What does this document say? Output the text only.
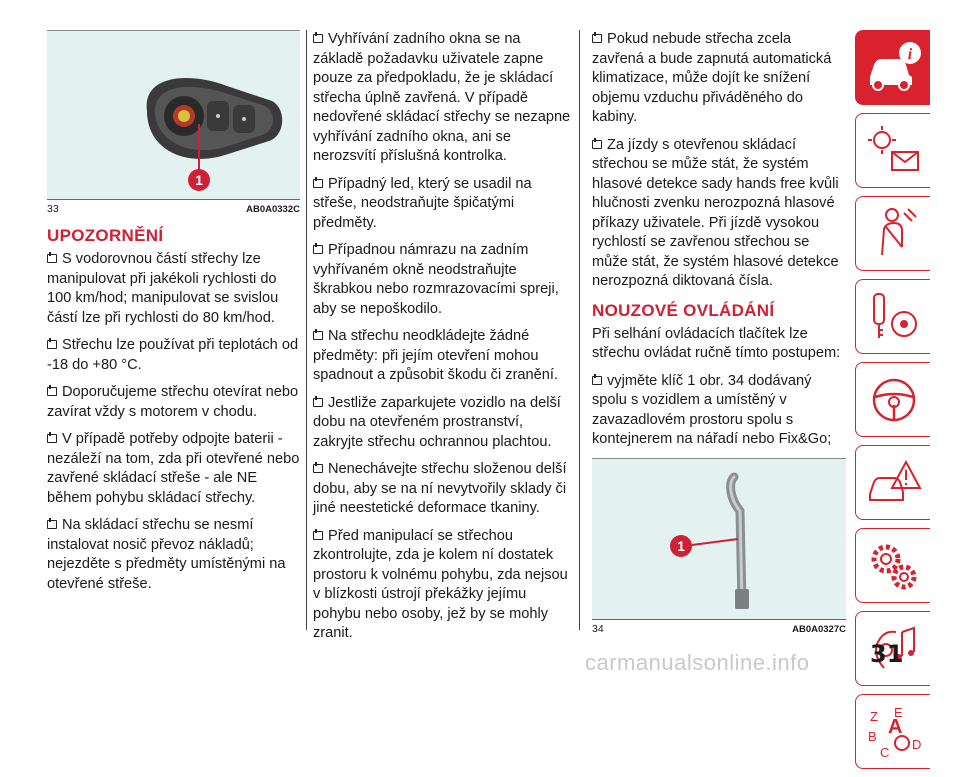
1
33	AB0A0332C
UPOZORNĚNÍ

S vodorovnou částí střechy lze manipulovat při jakékoli rychlosti do 100 km/hod; manipulovat se svislou částí lze při rychlosti do 80 km/hod.

Střechu lze používat při teplotách od -18 do +80 °C.

Doporučujeme střechu otevírat nebo zavírat vždy s motorem v chodu.

V případě potřeby odpojte baterii - nezáleží na tom, zda při otevřené nebo zavřené skládací střeše - ale NE během pohybu skládací střechy.

Na skládací střechu se nesmí instalovat nosič převoz nákladů; nejezděte s předměty umístěnými na otevřené střeše.

Vyhřívání zadního okna se na základě požadavku uživatele zapne pouze za předpokladu, že je skládací střecha úplně zavřená. V případě nedovřené skládací střechy se nezapne vyhřívání zadního okna, ani se nerozsvítí příslušná kontrolka.

Případný led, který se usadil na střeše, neodstraňujte špičatými předměty.

Případnou námrazu na zadním vyhřívaném okně neodstraňujte škrabkou nebo rozmrazovacími spreji, aby se nepoškodilo.

Na střechu neodkládejte žádné předměty: při jejím otevření mohou spadnout a způsobit škodu či zranění.

Jestliže zaparkujete vozidlo na delší dobu na otevřeném prostranství, zakryjte střechu ochrannou plachtou.

Nenechávejte střechu složenou delší dobu, aby se na ní nevytvořily sklady či jiné neestetické deformace tkaniny.

Před manipulací se střechou zkontrolujte, zda je kolem ní dostatek prostoru k volnému pohybu, zda nejsou v blízkosti ústrojí překážky jejímu pohybu nebo osoby, jež by se mohly zranit.

Pokud nebude střecha zcela zavřená a bude zapnutá automatická klimatizace, může dojít ke snížení objemu vzduchu přiváděného do kabiny.

Za jízdy s otevřenou skládací střechou se může stát, že systém hlasové detekce sady hands free kvůli hlučnosti zvenku nerozpozná hlasové příkazy uživatele. Při jízdě vysokou rychlostí se zavřenou střechou se může stát, že systém hlasové detekce nerozpozná diktovaná čísla.

NOUZOVÉ OVLÁDÁNÍ

Při selhání ovládacích tlačítek lze střechu ovládat ručně tímto postupem:

vyjměte klíč 1 obr. 34 dodávaný spolu s vozidlem a umístěný v zavazadlovém prostoru spolu s kontejnerem na nářadí nebo Fix&Go;

1
34	AB0A0327C
i
Z E
B A
C
D
carmanualsonline.info	31
